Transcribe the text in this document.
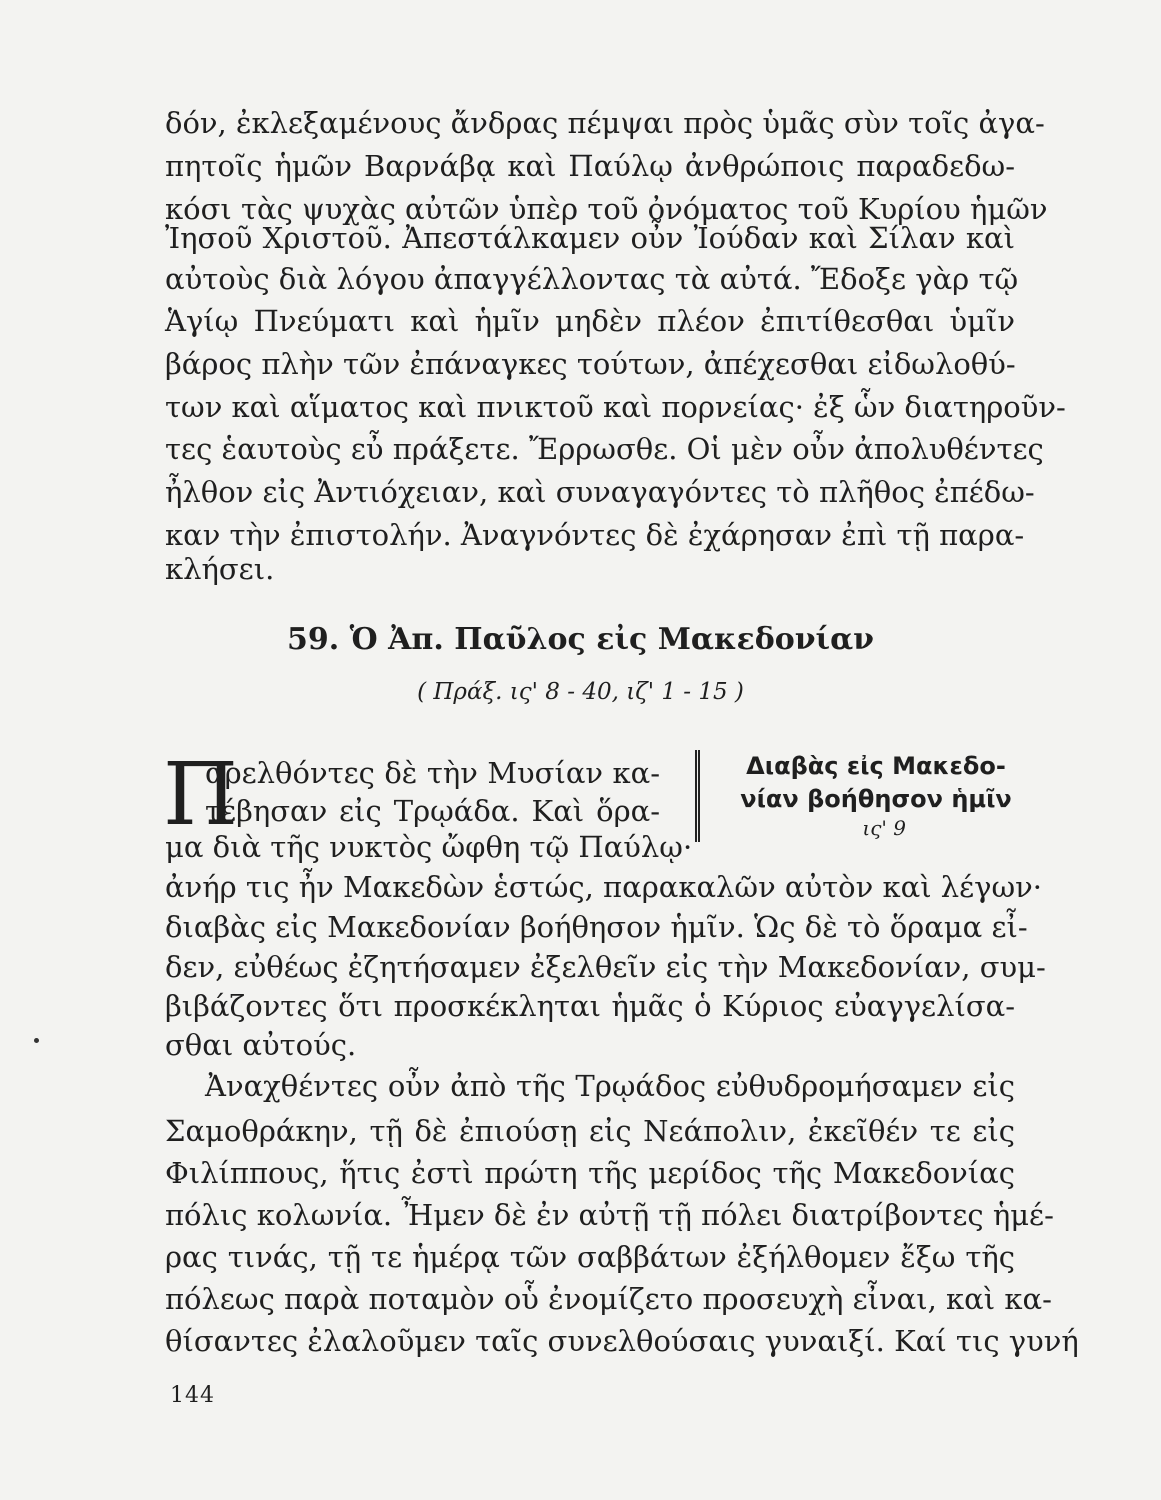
δόν, ἐκλεξαμένους ἄνδρας πέμψαι πρὸς ὑμᾶς σὺν τοῖς ἀγα-
πητοῖς ἡμῶν Βαρνάβᾳ καὶ Παύλῳ ἀνθρώποις παραδεδω-
κόσι τὰς ψυχὰς αὐτῶν ὑπὲρ τοῦ ὀνόματος τοῦ Κυρίου ἡμῶν
Ἰησοῦ Χριστοῦ. Ἀπεστάλκαμεν οὖν Ἰούδαν καὶ Σίλαν καὶ
αὐτοὺς διὰ λόγου ἀπαγγέλλοντας τὰ αὐτά. Ἔδοξε γὰρ τῷ
Ἁγίῳ Πνεύματι καὶ ἡμῖν μηδὲν πλέον ἐπιτίθεσθαι ὑμῖν
βάρος πλὴν τῶν ἐπάναγκες τούτων, ἀπέχεσθαι εἰδωλοθύ-
των καὶ αἵματος καὶ πνικτοῦ καὶ πορνείας· ἐξ ὧν διατηροῦν-
τες ἑαυτοὺς εὖ πράξετε. Ἔρρωσθε. Οἱ μὲν οὖν ἀπολυθέντες
ἦλθον εἰς Ἀντιόχειαν, καὶ συναγαγόντες τὸ πλῆθος ἐπέδω-
καν τὴν ἐπιστολήν. Ἀναγνόντες δὲ ἐχάρησαν ἐπὶ τῇ παρα-
κλήσει.
59. Ὁ Ἀπ. Παῦλος εἰς Μακεδονίαν
( Πράξ. ις' 8 - 40, ιζ' 1 - 15 )
Π
αρελθόντες δὲ τὴν Μυσίαν κα-
τέβησαν εἰς Τρῳάδα. Καὶ ὅρα-
μα διὰ τῆς νυκτὸς ὤφθη τῷ Παύλῳ·
Διαβὰς εἰς Μακεδο-
νίαν βοήθησον ἡμῖν
ις' 9
ἀνήρ τις ἦν Μακεδὼν ἑστώς, παρακαλῶν αὐτὸν καὶ λέγων·
διαβὰς εἰς Μακεδονίαν βοήθησον ἡμῖν. Ὡς δὲ τὸ ὅραμα εἶ-
δεν, εὐθέως ἐζητήσαμεν ἐξελθεῖν εἰς τὴν Μακεδονίαν, συμ-
βιβάζοντες ὅτι προσκέκληται ἡμᾶς ὁ Κύριος εὐαγγελίσα-
σθαι αὐτούς.
Ἀναχθέντες οὖν ἀπὸ τῆς Τρῳάδος εὐθυδρομήσαμεν εἰς
Σαμοθράκην, τῇ δὲ ἐπιούσῃ εἰς Νεάπολιν, ἐκεῖθέν τε εἰς
Φιλίππους, ἥτις ἐστὶ πρώτη τῆς μερίδος τῆς Μακεδονίας
πόλις κολωνία. Ἦμεν δὲ ἐν αὐτῇ τῇ πόλει διατρίβοντες ἡμέ-
ρας τινάς, τῇ τε ἡμέρᾳ τῶν σαββάτων ἐξήλθομεν ἔξω τῆς
πόλεως παρὰ ποταμὸν οὗ ἐνομίζετο προσευχὴ εἶναι, καὶ κα-
θίσαντες ἐλαλοῦμεν ταῖς συνελθούσαις γυναιξί. Καί τις γυνή
144
